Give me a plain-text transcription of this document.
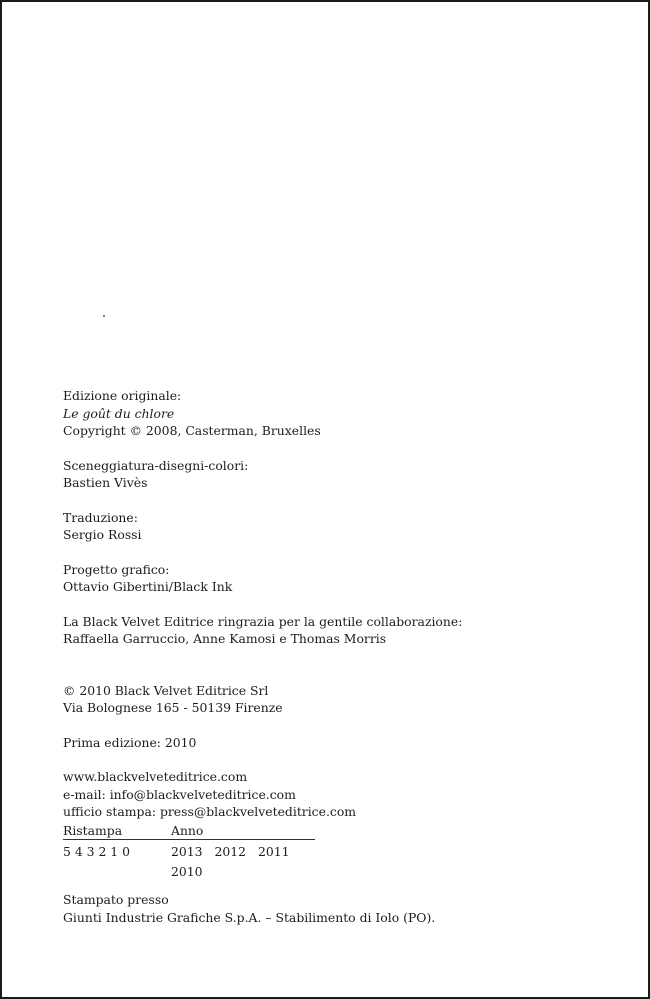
Edizione originale:

Le goût du chlore

Copyright © 2008, Casterman, Bruxelles

Sceneggiatura-disegni-colori:

Bastien Vivès

Traduzione:

Sergio Rossi

Progetto grafico:

Ottavio Gibertini/Black Ink

La Black Velvet Editrice ringrazia per la gentile collaborazione:

Raffaella Garruccio, Anne Kamosi e Thomas Morris

© 2010 Black Velvet Editrice Srl

Via Bolognese 165 - 50139 Firenze

Prima edizione: 2010

www.blackvelveteditrice.com

e-mail: info@blackvelveteditrice.com

ufficio stampa: press@blackvelveteditrice.com

Ristampa	Anno
5 4 3 2 1 0	2013 2012 2011 2010

Stampato presso

Giunti Industrie Grafiche S.p.A. – Stabilimento di Iolo (PO).
